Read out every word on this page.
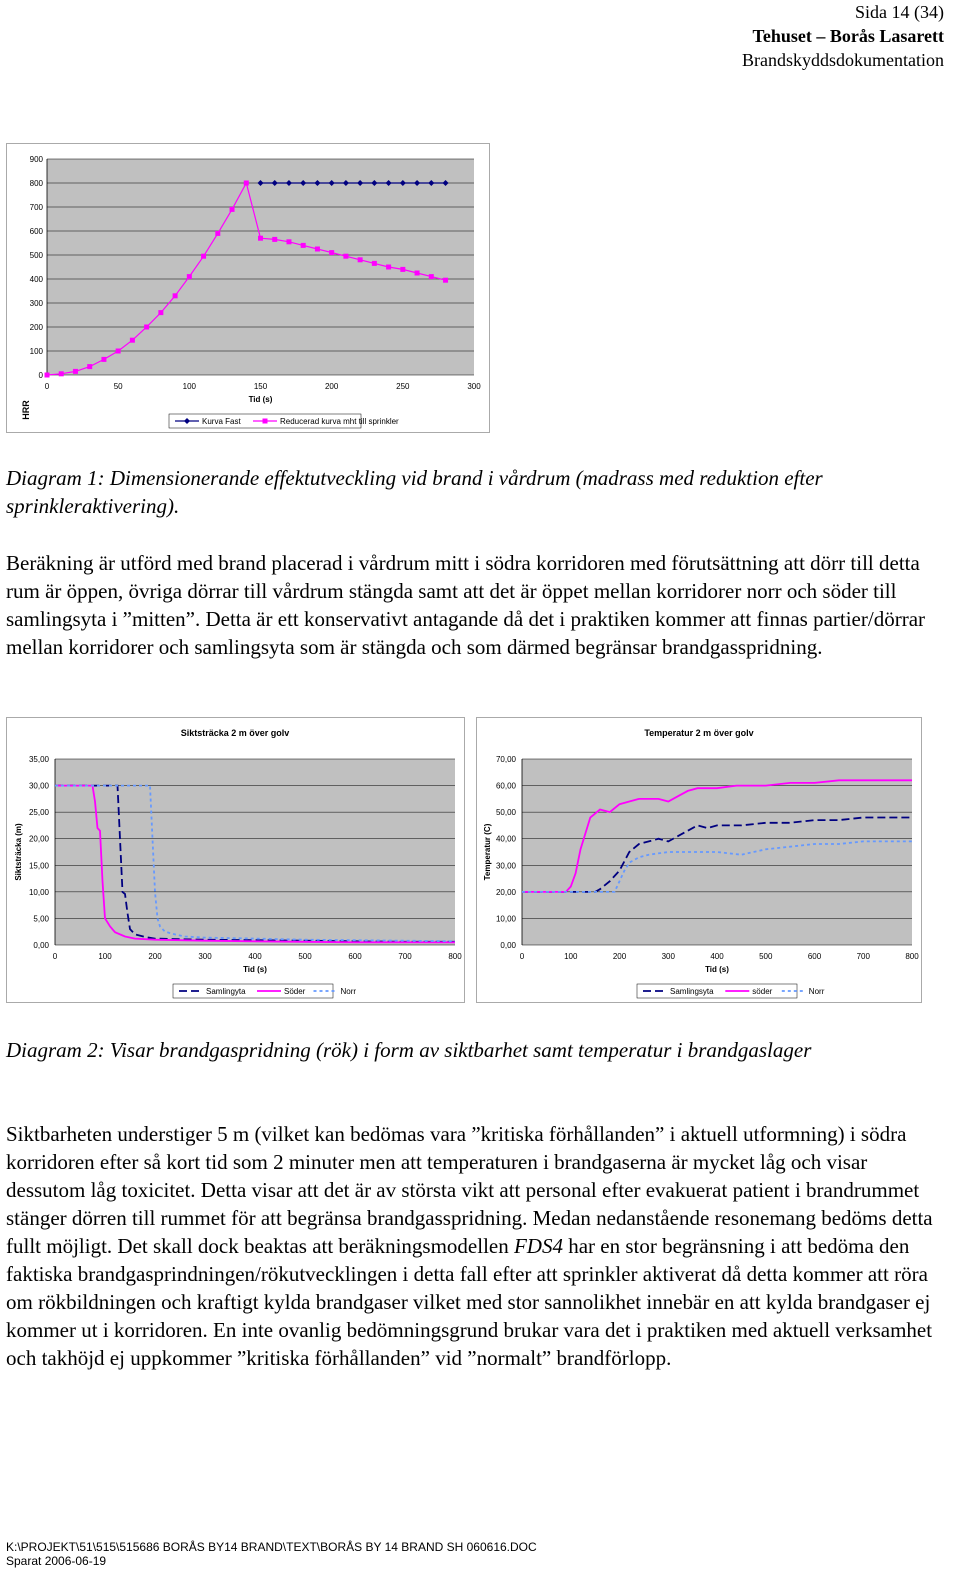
Sida 14 (34)
Tehuset – Borås Lasarett
Brandskyddsdokumentation
HRR
0
100
200
300
400
500
600
700
800
900
0	50	100	150	200	250	300
Tid (s)
Kurva Fast	Reducerad kurva mht till sprinkler
Diagram 1: Dimensionerande effektutveckling vid brand i vårdrum (madrass med reduktion efter sprinkleraktivering).

Beräkning är utförd med brand placerad i vårdrum mitt i södra korridoren med förutsättning att dörr till detta rum är öppen, övriga dörrar till vårdrum stängda samt att det är öppet mellan korridorer norr och söder till samlingsyta i ”mitten”. Detta är ett konservativt antagande då det i praktiken kommer att finnas partier/dörrar mellan korridorer och samlingsyta som är stängda och som därmed begränsar brandgasspridning.

Siktsträcka 2 m över golv
0,00
5,00
10,00
15,00
20,00
25,00
30,00
35,00
0	100	200	300	400	500	600	700	800
Tid (s)
Siktsträcka (m)
Samlingyta	Söder	Norr
Temperatur 2 m över golv
0,00
10,00
20,00
30,00
40,00
50,00
60,00
70,00
0	100	200	300	400	500	600	700	800
Tid (s)
Temperatur (C)
Samlingsyta	söder	Norr
Diagram 2: Visar brandgaspridning (rök) i form av siktbarhet samt temperatur i brandgaslager

Siktbarheten understiger 5 m (vilket kan bedömas vara ”kritiska förhållanden” i aktuell utformning) i södra korridoren efter så kort tid som 2 minuter men att temperaturen i brandgaserna är mycket låg och visar dessutom låg toxicitet. Detta visar att det är av största vikt att personal efter evakuerat patient i brandrummet stänger dörren till rummet för att begränsa brandgasspridning. Medan nedanstående resonemang bedöms detta fullt möjligt. Det skall dock beaktas att beräkningsmodellen FDS4 har en stor begränsning i att bedöma den faktiska brandgasprindningen/rökutvecklingen i detta fall efter att sprinkler aktiverat då detta kommer att röra om rökbildningen och kraftigt kylda brandgaser vilket med stor sannolikhet innebär en att kylda brandgaser ej kommer ut i korridoren. En inte ovanlig bedömningsgrund brukar vara det i praktiken med aktuell verksamhet och takhöjd ej uppkommer ”kritiska förhållanden” vid ”normalt” brandförlopp.

K:\PROJEKT\51\515\515686 BORÅS BY14 BRAND\TEXT\BORÅS BY 14 BRAND SH 060616.DOC
Sparat 2006-06-19
